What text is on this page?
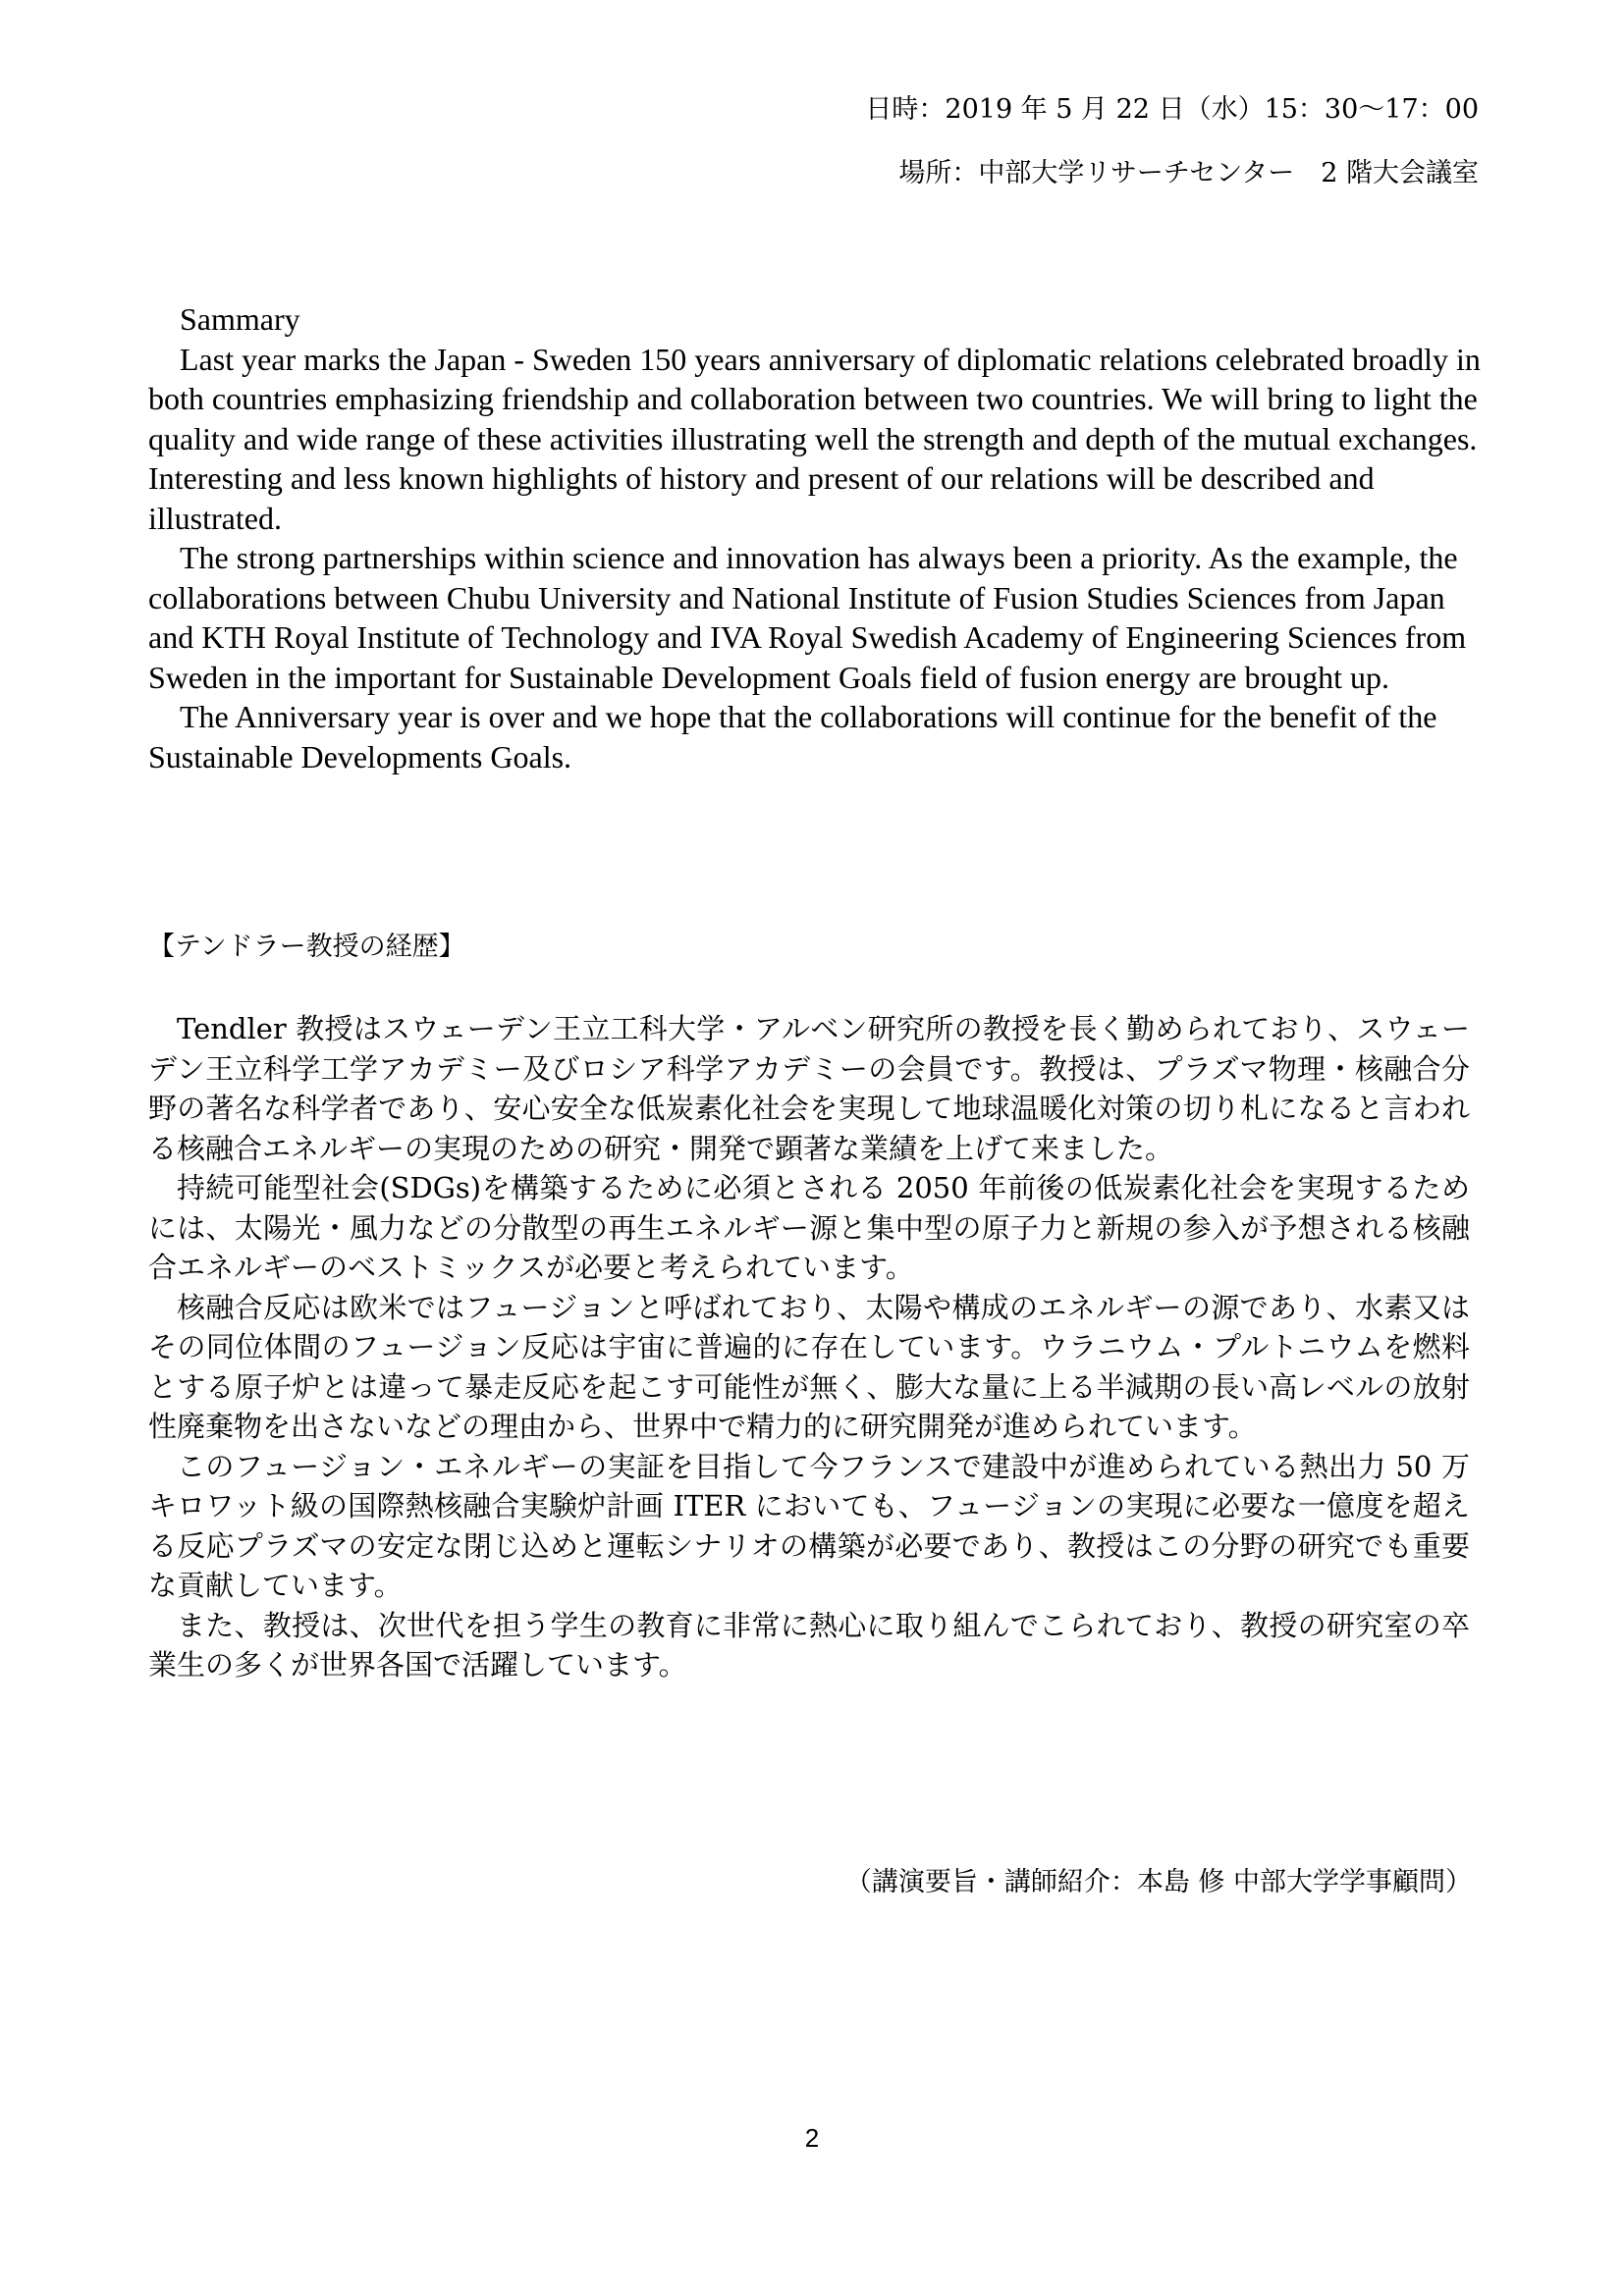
日時：2019 年 5 月 22 日（水）15：30〜17：00

場所：中部大学リサーチセンター　2 階大会議室

Sammary

Last year marks the Japan - Sweden 150 years anniversary of diplomatic relations celebrated broadly in both countries emphasizing friendship and collaboration between two countries. We will bring to light the quality and wide range of these activities illustrating well the strength and depth of the mutual exchanges. Interesting and less known highlights of history and present of our relations will be described and illustrated.

The strong partnerships within science and innovation has always been a priority. As the example, the collaborations between Chubu University and National Institute of Fusion Studies Sciences from Japan and KTH Royal Institute of Technology and IVA Royal Swedish Academy of Engineering Sciences from Sweden in the important for Sustainable Development Goals field of fusion energy are brought up.

The Anniversary year is over and we hope that the collaborations will continue for the benefit of the Sustainable Developments Goals.

【テンドラー教授の経歴】

Tendler 教授はスウェーデン王立工科大学・アルベン研究所の教授を長く勤められており、スウェーデン王立科学工学アカデミー及びロシア科学アカデミーの会員です。教授は、プラズマ物理・核融合分野の著名な科学者であり、安心安全な低炭素化社会を実現して地球温暖化対策の切り札になると言われる核融合エネルギーの実現のための研究・開発で顕著な業績を上げて来ました。

持続可能型社会(SDGs)を構築するために必須とされる 2050 年前後の低炭素化社会を実現するためには、太陽光・風力などの分散型の再生エネルギー源と集中型の原子力と新規の参入が予想される核融合エネルギーのベストミックスが必要と考えられています。

核融合反応は欧米ではフュージョンと呼ばれており、太陽や構成のエネルギーの源であり、水素又はその同位体間のフュージョン反応は宇宙に普遍的に存在しています。ウラニウム・プルトニウムを燃料とする原子炉とは違って暴走反応を起こす可能性が無く、膨大な量に上る半減期の長い高レベルの放射性廃棄物を出さないなどの理由から、世界中で精力的に研究開発が進められています。

このフュージョン・エネルギーの実証を目指して今フランスで建設中が進められている熱出力 50 万キロワット級の国際熱核融合実験炉計画 ITER においても、フュージョンの実現に必要な一億度を超える反応プラズマの安定な閉じ込めと運転シナリオの構築が必要であり、教授はこの分野の研究でも重要な貢献しています。

また、教授は、次世代を担う学生の教育に非常に熱心に取り組んでこられており、教授の研究室の卒業生の多くが世界各国で活躍しています。

（講演要旨・講師紹介：本島 修 中部大学学事顧問）

2
